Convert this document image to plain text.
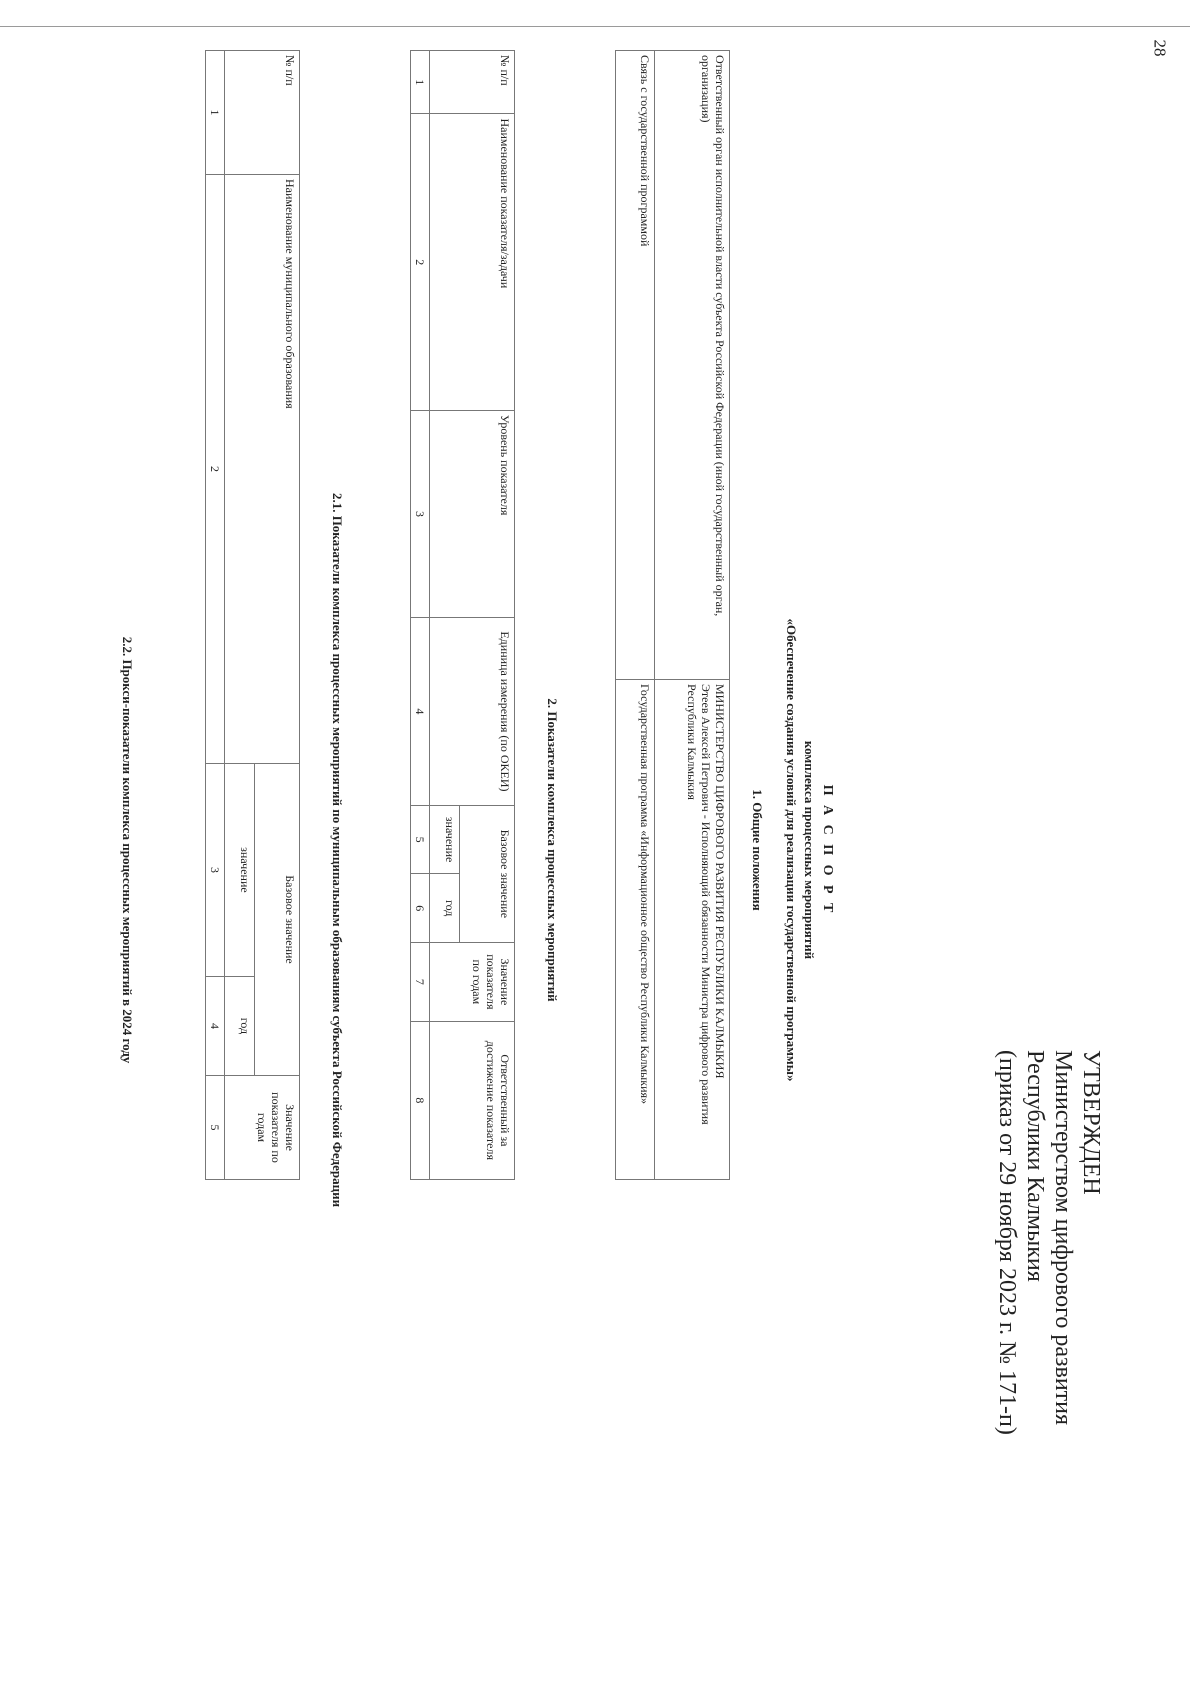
28
УТВЕРЖДЕН
Министерством цифрового развития
Республики Калмыкия
(приказ от 29 ноября 2023 г. № 171-п)
П А С П О Р Т
комплекса процессных мероприятий
«Обеспечение создания условий для реализации государственной программы»
1. Общие положения
Ответственный орган исполнительной власти субъекта Российской Федерации (иной государственный орган, организация)	МИНИСТЕРСТВО ЦИФРОВОГО РАЗВИТИЯ РЕСПУБЛИКИ КАЛМЫКИЯ
Этеев Алексей Петрович - Исполняющий обязанности Министра цифрового развития Республики Калмыкия

Связь с государственной программой	Государственная программа «Информационное общество Республики Калмыкия»
2. Показатели комплекса процессных мероприятий
№ п/п	Наименование показателя/задачи	Уровень показателя	Единица измерения (по ОКЕИ)	Базовое значение		Значение показателя по годам	Ответственный за достижение показателя
				значение	год		
1	2	3	4	5	6	7	8
2.1. Показатели комплекса процессных мероприятий по муниципальным образованиям субъекта Российской Федерации
№ п/п	Наименование муниципального образования	Базовое значение		Значение показателя по годам
		значение	год	
1	2	3	4	5
2.2. Прокси-показатели комплекса процессных мероприятий в 2024 году
